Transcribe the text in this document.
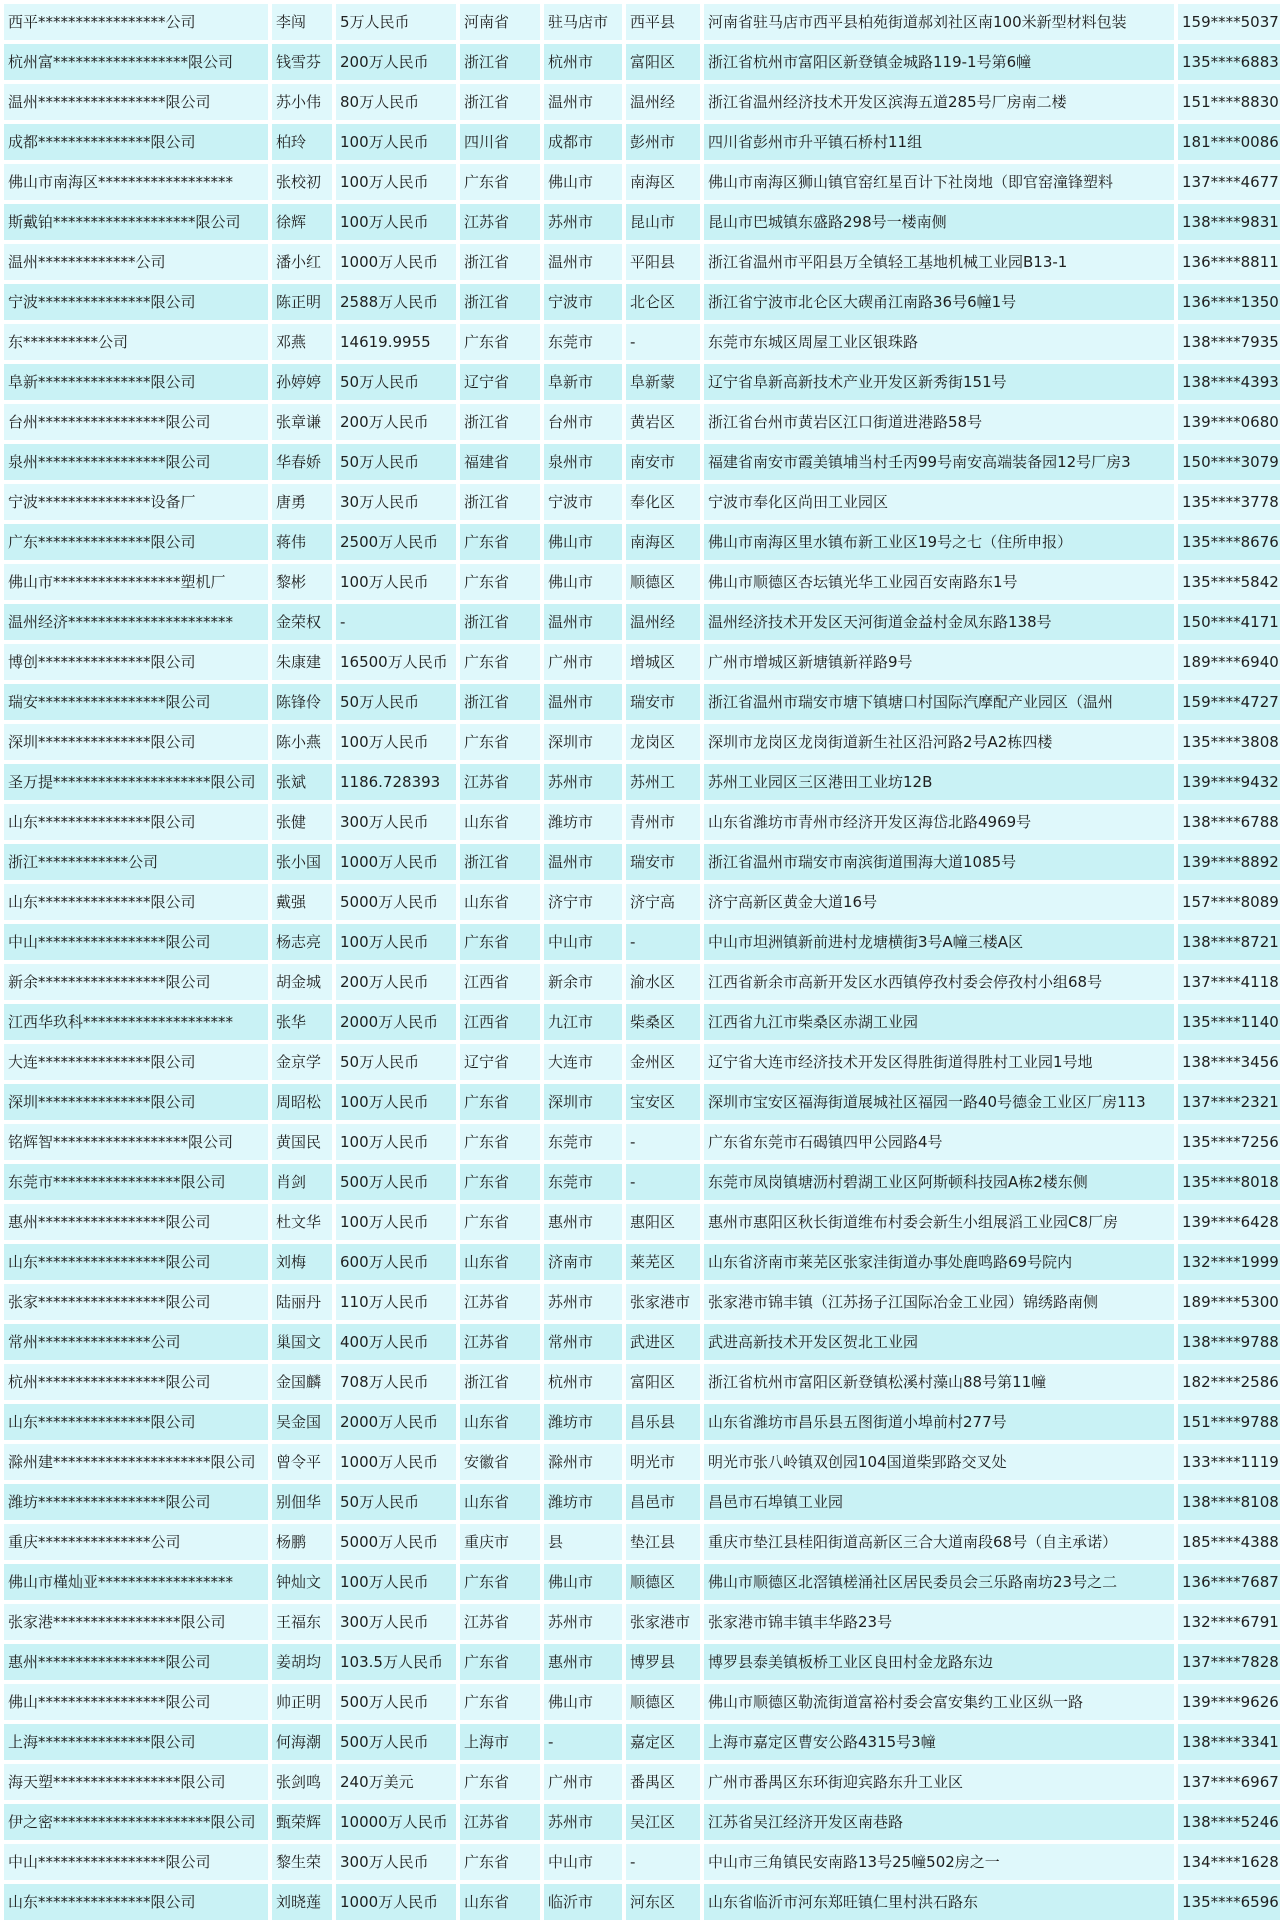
西平*****************公司	李闯	5万人民币	河南省	驻马店市	西平县	河南省驻马店市西平县柏苑街道郝刘社区南100米新型材料包装	159****5037
杭州富******************限公司	钱雪芬	200万人民币	浙江省	杭州市	富阳区	浙江省杭州市富阳区新登镇金城路119-1号第6幢	135****6883
温州*****************限公司	苏小伟	80万人民币	浙江省	温州市	温州经	浙江省温州经济技术开发区滨海五道285号厂房南二楼	151****8830
成都***************限公司	柏玲	100万人民币	四川省	成都市	彭州市	四川省彭州市升平镇石桥村11组	181****0086
佛山市南海区******************	张校初	100万人民币	广东省	佛山市	南海区	佛山市南海区狮山镇官窑红星百计下社岗地（即官窑潼锋塑料	137****4677
斯戴铂*******************限公司	徐辉	100万人民币	江苏省	苏州市	昆山市	昆山市巴城镇东盛路298号一楼南侧	138****9831
温州*************公司	潘小红	1000万人民币	浙江省	温州市	平阳县	浙江省温州市平阳县万全镇轻工基地机械工业园B13-1	136****8811
宁波***************限公司	陈正明	2588万人民币	浙江省	宁波市	北仑区	浙江省宁波市北仑区大碶甬江南路36号6幢1号	136****1350
东**********公司	邓燕	14619.9955	广东省	东莞市	-	东莞市东城区周屋工业区银珠路	138****7935
阜新***************限公司	孙婷婷	50万人民币	辽宁省	阜新市	阜新蒙	辽宁省阜新高新技术产业开发区新秀街151号	138****4393
台州*****************限公司	张章谦	200万人民币	浙江省	台州市	黄岩区	浙江省台州市黄岩区江口街道进港路58号	139****0680
泉州*****************限公司	华春娇	50万人民币	福建省	泉州市	南安市	福建省南安市霞美镇埔当村壬丙99号南安高端装备园12号厂房3	150****3079
宁波***************设备厂	唐勇	30万人民币	浙江省	宁波市	奉化区	宁波市奉化区尚田工业园区	135****3778
广东***************限公司	蒋伟	2500万人民币	广东省	佛山市	南海区	佛山市南海区里水镇布新工业区19号之七（住所申报）	135****8676
佛山市*****************塑机厂	黎彬	100万人民币	广东省	佛山市	顺德区	佛山市顺德区杏坛镇光华工业园百安南路东1号	135****5842
温州经济**********************	金荣权	-	浙江省	温州市	温州经	温州经济技术开发区天河街道金益村金凤东路138号	150****4171
博创***************限公司	朱康建	16500万人民币	广东省	广州市	增城区	广州市增城区新塘镇新祥路9号	189****6940
瑞安*****************限公司	陈锋伶	50万人民币	浙江省	温州市	瑞安市	浙江省温州市瑞安市塘下镇塘口村国际汽摩配产业园区（温州	159****4727
深圳***************限公司	陈小燕	100万人民币	广东省	深圳市	龙岗区	深圳市龙岗区龙岗街道新生社区沿河路2号A2栋四楼	135****3808
圣万提*********************限公司	张斌	1186.728393	江苏省	苏州市	苏州工	苏州工业园区三区港田工业坊12B	139****9432
山东***************限公司	张健	300万人民币	山东省	潍坊市	青州市	山东省潍坊市青州市经济开发区海岱北路4969号	138****6788
浙江************公司	张小国	1000万人民币	浙江省	温州市	瑞安市	浙江省温州市瑞安市南滨街道围海大道1085号	139****8892
山东***************限公司	戴强	5000万人民币	山东省	济宁市	济宁高	济宁高新区黄金大道16号	157****8089
中山*****************限公司	杨志亮	100万人民币	广东省	中山市	-	中山市坦洲镇新前进村龙塘横街3号A幢三楼A区	138****8721
新余*****************限公司	胡金城	200万人民币	江西省	新余市	渝水区	江西省新余市高新开发区水西镇停孜村委会停孜村小组68号	137****4118
江西华玖科********************	张华	2000万人民币	江西省	九江市	柴桑区	江西省九江市柴桑区赤湖工业园	135****1140
大连***************限公司	金京学	50万人民币	辽宁省	大连市	金州区	辽宁省大连市经济技术开发区得胜街道得胜村工业园1号地	138****3456
深圳***************限公司	周昭松	100万人民币	广东省	深圳市	宝安区	深圳市宝安区福海街道展城社区福园一路40号德金工业区厂房113	137****2321
铭辉智******************限公司	黄国民	100万人民币	广东省	东莞市	-	广东省东莞市石碣镇四甲公园路4号	135****7256
东莞市*****************限公司	肖剑	500万人民币	广东省	东莞市	-	东莞市凤岗镇塘沥村碧湖工业区阿斯顿科技园A栋2楼东侧	135****8018
惠州*****************限公司	杜文华	100万人民币	广东省	惠州市	惠阳区	惠州市惠阳区秋长街道维布村委会新生小组展滔工业园C8厂房	139****6428
山东*****************限公司	刘梅	600万人民币	山东省	济南市	莱芜区	山东省济南市莱芜区张家洼街道办事处鹿鸣路69号院内	132****1999
张家*****************限公司	陆丽丹	110万人民币	江苏省	苏州市	张家港市	张家港市锦丰镇（江苏扬子江国际冶金工业园）锦绣路南侧	189****5300
常州***************公司	巢国文	400万人民币	江苏省	常州市	武进区	武进高新技术开发区贺北工业园	138****9788
杭州*****************限公司	金国麟	708万人民币	浙江省	杭州市	富阳区	浙江省杭州市富阳区新登镇松溪村藻山88号第11幢	182****2586
山东***************限公司	吴金国	2000万人民币	山东省	潍坊市	昌乐县	山东省潍坊市昌乐县五图街道小埠前村277号	151****9788
滁州建*********************限公司	曾令平	1000万人民币	安徽省	滁州市	明光市	明光市张八岭镇双创园104国道柴郢路交叉处	133****1119
潍坊*****************限公司	别佃华	50万人民币	山东省	潍坊市	昌邑市	昌邑市石埠镇工业园	138****8108
重庆***************公司	杨鹏	5000万人民币	重庆市	县	垫江县	重庆市垫江县桂阳街道高新区三合大道南段68号（自主承诺）	185****4388
佛山市槿灿亚******************	钟灿文	100万人民币	广东省	佛山市	顺德区	佛山市顺德区北滘镇槎涌社区居民委员会三乐路南坊23号之二	136****7687
张家港*****************限公司	王福东	300万人民币	江苏省	苏州市	张家港市	张家港市锦丰镇丰华路23号	132****6791
惠州*****************限公司	姜胡均	103.5万人民币	广东省	惠州市	博罗县	博罗县泰美镇板桥工业区良田村金龙路东边	137****7828
佛山*****************限公司	帅正明	500万人民币	广东省	佛山市	顺德区	佛山市顺德区勒流街道富裕村委会富安集约工业区纵一路	139****9626
上海***************限公司	何海潮	500万人民币	上海市	-	嘉定区	上海市嘉定区曹安公路4315号3幢	138****3341
海天塑*****************限公司	张剑鸣	240万美元	广东省	广州市	番禺区	广州市番禺区东环街迎宾路东升工业区	137****6967
伊之密*********************限公司	甄荣辉	10000万人民币	江苏省	苏州市	吴江区	江苏省吴江经济开发区南巷路	138****5246
中山*****************限公司	黎生荣	300万人民币	广东省	中山市	-	中山市三角镇民安南路13号25幢502房之一	134****1628
山东***************限公司	刘晓莲	1000万人民币	山东省	临沂市	河东区	山东省临沂市河东郑旺镇仁里村洪石路东	135****6596
